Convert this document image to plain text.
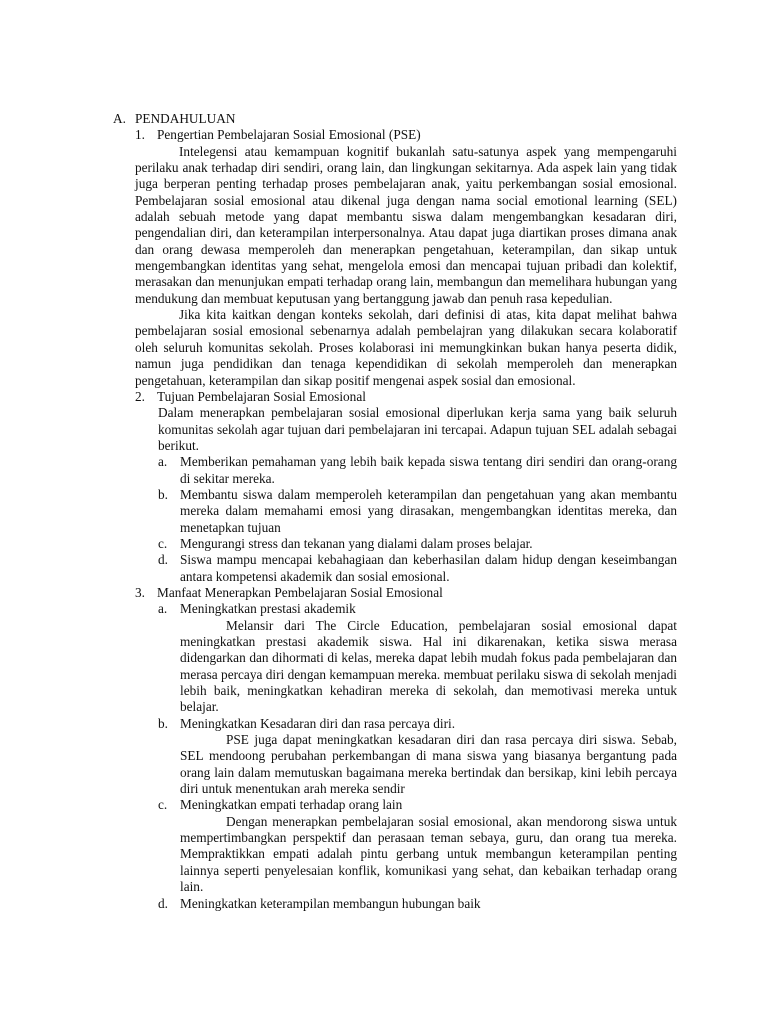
A. PENDAHULUAN
1. Pengertian Pembelajaran Sosial Emosional (PSE)

Intelegensi atau kemampuan kognitif bukanlah satu-satunya aspek yang mempengaruhi perilaku anak terhadap diri sendiri, orang lain, dan lingkungan sekitarnya. Ada aspek lain yang tidak juga berperan penting terhadap proses pembelajaran anak, yaitu perkembangan sosial emosional. Pembelajaran sosial emosional atau dikenal juga dengan nama social emotional learning (SEL) adalah sebuah metode yang dapat membantu siswa dalam mengembangkan kesadaran diri, pengendalian diri, dan keterampilan interpersonalnya. Atau dapat juga diartikan proses dimana anak dan orang dewasa memperoleh dan menerapkan pengetahuan, keterampilan, dan sikap untuk mengembangkan identitas yang sehat, mengelola emosi dan mencapai tujuan pribadi dan kolektif, merasakan dan menunjukan empati terhadap orang lain, membangun dan memelihara hubungan yang mendukung dan membuat keputusan yang bertanggung jawab dan penuh rasa kepedulian.

Jika kita kaitkan dengan konteks sekolah, dari definisi di atas, kita dapat melihat bahwa pembelajaran sosial emosional sebenarnya adalah pembelajran yang dilakukan secara kolaboratif oleh seluruh komunitas sekolah. Proses kolaborasi ini memungkinkan bukan hanya peserta didik, namun juga pendidikan dan tenaga kependidikan di sekolah memperoleh dan menerapkan pengetahuan, keterampilan dan sikap positif mengenai aspek sosial dan emosional.

2. Tujuan Pembelajaran Sosial Emosional

Dalam menerapkan pembelajaran sosial emosional diperlukan kerja sama yang baik seluruh komunitas sekolah agar tujuan dari pembelajaran ini tercapai. Adapun tujuan SEL adalah sebagai berikut.

a. Memberikan pemahaman yang lebih baik kepada siswa tentang diri sendiri dan orang-orang di sekitar mereka.
b. Membantu siswa dalam memperoleh keterampilan dan pengetahuan yang akan membantu mereka dalam memahami emosi yang dirasakan, mengembangkan identitas mereka, dan menetapkan tujuan
c. Mengurangi stress dan tekanan yang dialami dalam proses belajar.
d. Siswa mampu mencapai kebahagiaan dan keberhasilan dalam hidup dengan keseimbangan antara kompetensi akademik dan sosial emosional.
3. Manfaat Menerapkan Pembelajaran Sosial Emosional
a. Meningkatkan prestasi akademik

Melansir dari The Circle Education, pembelajaran sosial emosional dapat meningkatkan prestasi akademik siswa. Hal ini dikarenakan, ketika siswa merasa didengarkan dan dihormati di kelas, mereka dapat lebih mudah fokus pada pembelajaran dan merasa percaya diri dengan kemampuan mereka. membuat perilaku siswa di sekolah menjadi lebih baik, meningkatkan kehadiran mereka di sekolah, dan memotivasi mereka untuk belajar.

b. Meningkatkan Kesadaran diri dan rasa percaya diri.

PSE juga dapat meningkatkan kesadaran diri dan rasa percaya diri siswa. Sebab, SEL mendoong perubahan perkembangan di mana siswa yang biasanya bergantung pada orang lain dalam memutuskan bagaimana mereka bertindak dan bersikap, kini lebih percaya diri untuk menentukan arah mereka sendir

c. Meningkatkan empati terhadap orang lain

Dengan menerapkan pembelajaran sosial emosional, akan mendorong siswa untuk mempertimbangkan perspektif dan perasaan teman sebaya, guru, dan orang tua mereka. Mempraktikkan empati adalah pintu gerbang untuk membangun keterampilan penting lainnya seperti penyelesaian konflik, komunikasi yang sehat, dan kebaikan terhadap orang lain.

d. Meningkatkan keterampilan membangun hubungan baik
